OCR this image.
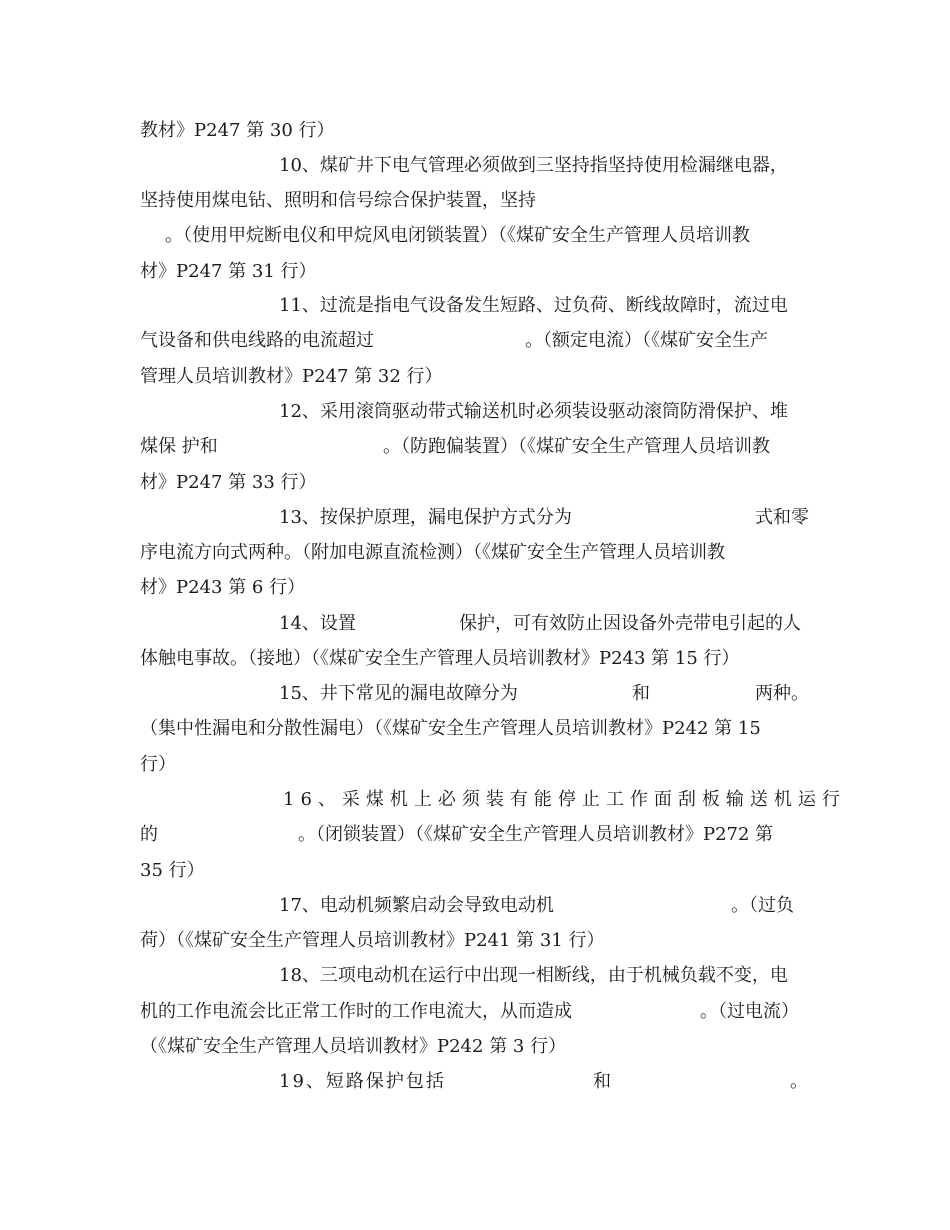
教材》P247 第 30 行）
10、煤矿井下电气管理必须做到三坚持指坚持使用检漏继电器，
坚持使用煤电钻、照明和信号综合保护装置，坚持
。（使用甲烷断电仪和甲烷风电闭锁装置）（《煤矿安全生产管理人员培训教
材》P247 第 31 行）
11、过流是指电气设备发生短路、过负荷、断线故障时，流过电
气设备和供电线路的电流超过	。（额定电流）（《煤矿安全生产
管理人员培训教材》P247 第 32 行）
12、采用滚筒驱动带式输送机时必须装设驱动滚筒防滑保护、堆
煤保 护和	。（防跑偏装置）（《煤矿安全生产管理人员培训教
材》P247 第 33 行）
13、按保护原理，漏电保护方式分为	式和零
序电流方向式两种。（附加电源直流检测）（《煤矿安全生产管理人员培训教
材》P243 第 6 行）
14、设置	保护，可有效防止因设备外壳带电引起的人
体触电事故。（接地）（《煤矿安全生产管理人员培训教材》P243 第 15 行）
15、井下常见的漏电故障分为	和	两种。
（集中性漏电和分散性漏电）（《煤矿安全生产管理人员培训教材》P242 第 15
行）
16、采煤机上必须装有能停止工作面刮板输送机运行
的	。（闭锁装置）（《煤矿安全生产管理人员培训教材》P272 第
35 行）
17、电动机频繁启动会导致电动机	。（过负
荷）（《煤矿安全生产管理人员培训教材》P241 第 31 行）
18、三项电动机在运行中出现一相断线，由于机械负载不变，电
机的工作电流会比正常工作时的工作电流大，从而造成	。（过电流）
（《煤矿安全生产管理人员培训教材》P242 第 3 行）
19、短路保护包括	和	。
